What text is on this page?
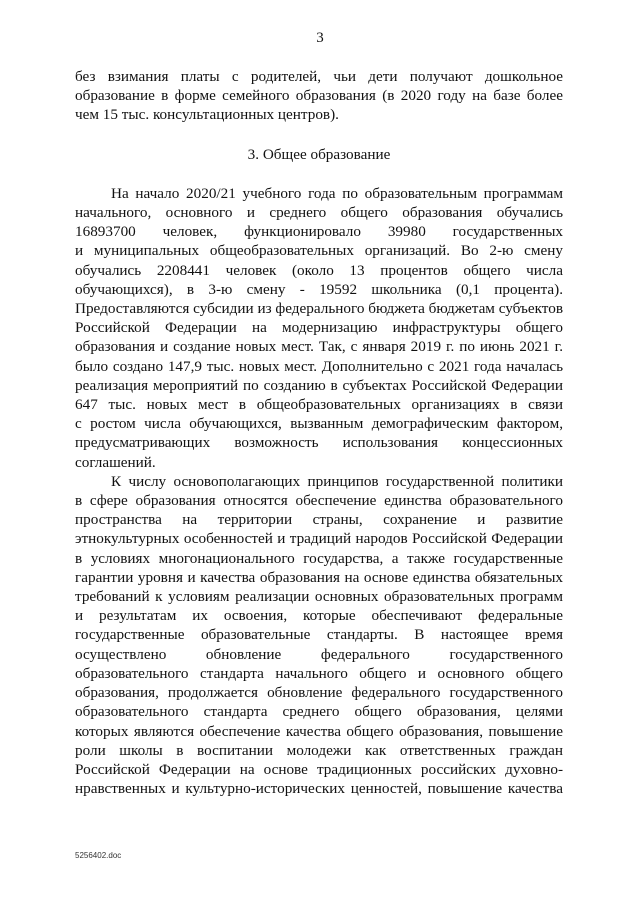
3

без взимания платы с родителей, чьи дети получают дошкольное
образование в форме семейного образования (в 2020 году на базе более
чем 15 тыс. консультационных центров).

3. Общее образование

На начало 2020/21 учебного года по образовательным программам
начального, основного и среднего общего образования обучались
16893700 человек, функционировало 39980 государственных
и муниципальных общеобразовательных организаций. Во 2-ю смену
обучались 2208441 человек (около 13 процентов общего числа
обучающихся), в 3-ю смену - 19592 школьника (0,1 процента).
Предоставляются субсидии из федерального бюджета бюджетам субъектов
Российской Федерации на модернизацию инфраструктуры общего
образования и создание новых мест. Так, с января 2019 г. по июнь 2021 г.
было создано 147,9 тыс. новых мест. Дополнительно с 2021 года началась
реализация мероприятий по созданию в субъектах Российской Федерации
647 тыс. новых мест в общеобразовательных организациях в связи
с ростом числа обучающихся, вызванным демографическим фактором,
предусматривающих возможность использования концессионных
соглашений.

К числу основополагающих принципов государственной политики
в сфере образования относятся обеспечение единства образовательного
пространства на территории страны, сохранение и развитие
этнокультурных особенностей и традиций народов Российской Федерации
в условиях многонационального государства, а также государственные
гарантии уровня и качества образования на основе единства обязательных
требований к условиям реализации основных образовательных программ
и результатам их освоения, которые обеспечивают федеральные
государственные образовательные стандарты. В настоящее время
осуществлено обновление федерального государственного
образовательного стандарта начального общего и основного общего
образования, продолжается обновление федерального государственного
образовательного стандарта среднего общего образования, целями
которых являются обеспечение качества общего образования, повышение
роли школы в воспитании молодежи как ответственных граждан
Российской Федерации на основе традиционных российских духовно-
нравственных и культурно-исторических ценностей, повышение качества

5256402.doc
